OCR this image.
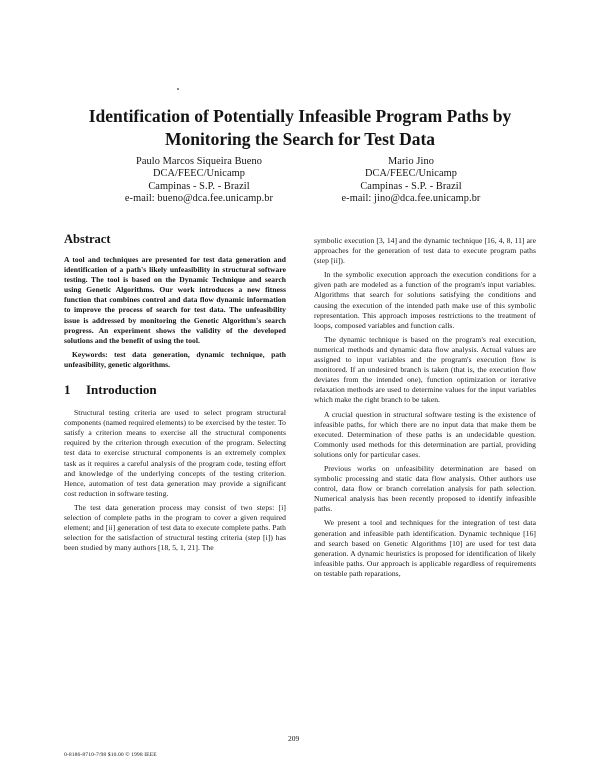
Identification of Potentially Infeasible Program Paths by
Monitoring the Search for Test Data
Paulo Marcos Siqueira Bueno
DCA/FEEC/Unicamp
Campinas - S.P. - Brazil
e-mail: bueno@dca.fee.unicamp.br
Mario Jino
DCA/FEEC/Unicamp
Campinas - S.P. - Brazil
e-mail: jino@dca.fee.unicamp.br
Abstract

A tool and techniques are presented for test data generation and identification of a path's likely unfeasibility in structural software testing. The tool is based on the Dynamic Technique and search using Genetic Algorithms. Our work introduces a new fitness function that combines control and data flow dynamic information to improve the process of search for test data. The unfeasibility issue is addressed by monitoring the Genetic Algorithm's search progress. An experiment shows the validity of the developed solutions and the benefit of using the tool.

Keywords: test data generation, dynamic technique, path unfeasibility, genetic algorithms.

1 Introduction

Structural testing criteria are used to select program structural components (named required elements) to be exercised by the tester. To satisfy a criterion means to exercise all the structural components required by the criterion through execution of the program. Selecting test data to exercise structural components is an extremely complex task as it requires a careful analysis of the program code, testing effort and knowledge of the underlying concepts of the testing criterion. Hence, automation of test data generation may provide a significant cost reduction in software testing.

The test data generation process may consist of two steps: [i] selection of complete paths in the program to cover a given required element; and [ii] generation of test data to execute complete paths. Path selection for the satisfaction of structural testing criteria (step [i]) has been studied by many authors [18, 5, 1, 21]. The

symbolic execution [3, 14] and the dynamic technique [16, 4, 8, 11] are approaches for the generation of test data to execute program paths (step [ii]).

In the symbolic execution approach the execution conditions for a given path are modeled as a function of the program's input variables. Algorithms that search for solutions satisfying the conditions and causing the execution of the intended path make use of this symbolic representation. This approach imposes restrictions to the treatment of loops, composed variables and function calls.

The dynamic technique is based on the program's real execution, numerical methods and dynamic data flow analysis. Actual values are assigned to input variables and the program's execution flow is monitored. If an undesired branch is taken (that is, the execution flow deviates from the intended one), function optimization or iterative relaxation methods are used to determine values for the input variables which make the right branch to be taken.

A crucial question in structural software testing is the existence of infeasible paths, for which there are no input data that make them be executed. Determination of these paths is an undecidable question. Commonly used methods for this determination are partial, providing solutions only for particular cases.

Previous works on unfeasibility determination are based on symbolic processing and static data flow analysis. Other authors use control, data flow or branch correlation analysis for path selection. Numerical analysis has been recently proposed to identify infeasible paths.

We present a tool and techniques for the integration of test data generation and infeasible path identification. Dynamic technique [16] and search based on Genetic Algorithms [10] are used for test data generation. A dynamic heuristics is proposed for identification of likely infeasible paths. Our approach is applicable regardless of requirements on testable path reparations,

209
0-8186-8710-7/98 $10.00 © 1998 IEEE
